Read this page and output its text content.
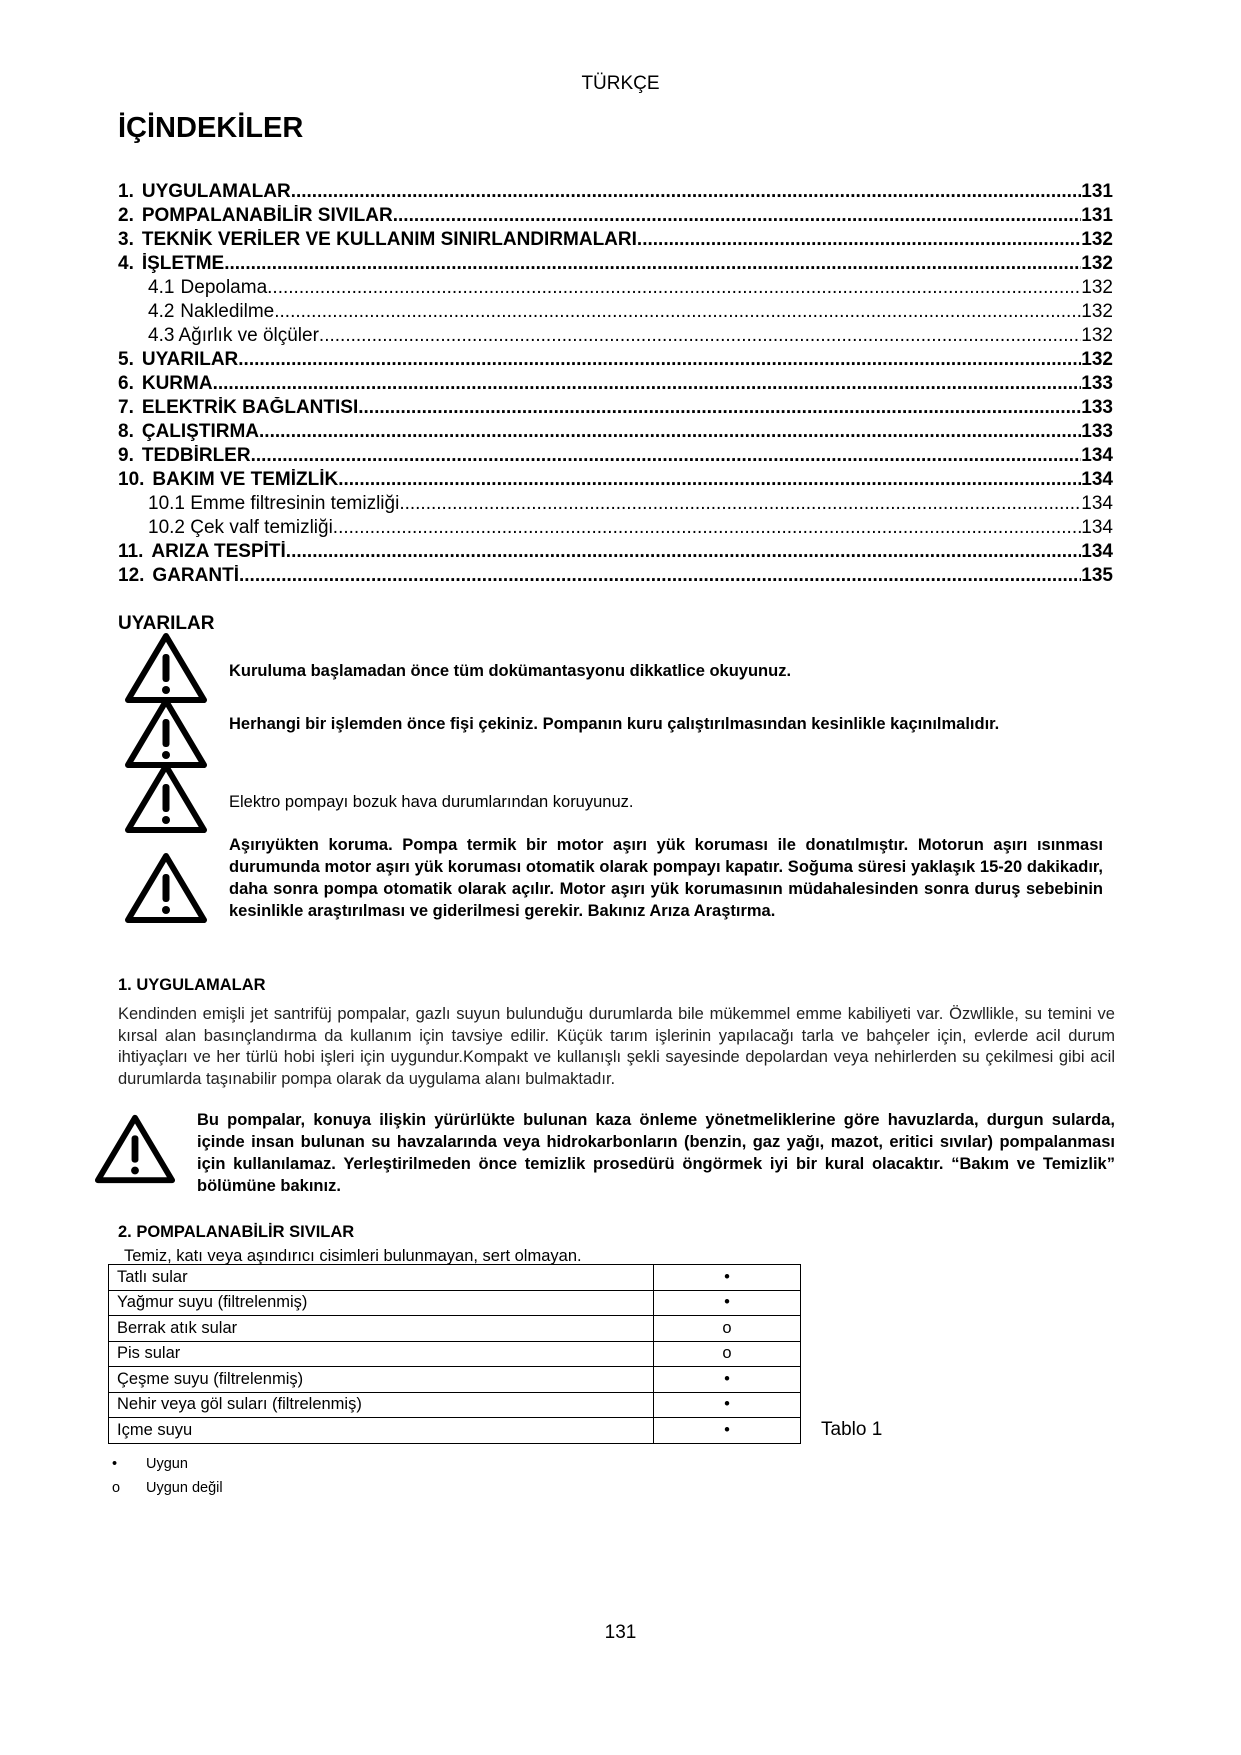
TÜRKÇE
İÇİNDEKİLER
1. UYGULAMALAR .....	131
2. POMPALANABİLİR SIVILAR .....	131
3. TEKNİK VERİLER VE KULLANIM SINIRLANDIRMALARI .....	132
4. İŞLETME .....	132
4.1 Depolama .....	132
4.2 Nakledilme .....	132
4.3 Ağırlık ve ölçüler .....	132
5. UYARILAR .....	132
6. KURMA .....	133
7. ELEKTRİK BAĞLANTISI .....	133
8. ÇALIŞTIRMA .....	133
9. TEDBİRLER .....	134
10. BAKIM VE TEMİZLİK .....	134
10.1 Emme filtresinin temizliği .....	134
10.2 Çek valf temizliği .....	134
11. ARIZA TESPİTİ .....	134
12. GARANTİ .....	135
UYARILAR
Kuruluma başlamadan önce tüm dokümantasyonu dikkatlice okuyunuz.
Herhangi bir işlemden önce fişi çekiniz. Pompanın kuru çalıştırılmasından kesinlikle kaçınılmalıdır.
Elektro pompayı bozuk hava durumlarından koruyunuz.
Aşırıyükten koruma. Pompa termik bir motor aşırı yük koruması ile donatılmıştır. Motorun aşırı ısınması durumunda motor aşırı yük koruması otomatik olarak pompayı kapatır. Soğuma süresi yaklaşık 15-20 dakikadır, daha sonra pompa otomatik olarak açılır. Motor aşırı yük korumasının müdahalesinden sonra duruş sebebinin kesinlikle araştırılması ve giderilmesi gerekir. Bakınız Arıza Araştırma.
1. UYGULAMALAR
Kendinden emişli jet santrifüj pompalar, gazlı suyun bulunduğu durumlarda bile mükemmel emme kabiliyeti var. Özwllikle, su temini ve kırsal alan basınçlandırma da kullanım için tavsiye edilir. Küçük tarım işlerinin yapılacağı tarla ve bahçeler için, evlerde acil durum ihtiyaçları ve her türlü hobi işleri için uygundur.Kompakt ve kullanışlı şekli sayesinde depolardan veya nehirlerden su çekilmesi gibi acil durumlarda taşınabilir pompa olarak da uygulama alanı bulmaktadır.
Bu pompalar, konuya ilişkin yürürlükte bulunan kaza önleme yönetmeliklerine göre havuzlarda, durgun sularda, içinde insan bulunan su havzalarında veya hidrokarbonların (benzin, gaz yağı, mazot, eritici sıvılar) pompalanması için kullanılamaz. Yerleştirilmeden önce temizlik prosedürü öngörmek iyi bir kural olacaktır. “Bakım ve Temizlik” bölümüne bakınız.
2. POMPALANABİLİR SIVILAR
Temiz, katı veya aşındırıcı cisimleri bulunmayan, sert olmayan.
Tatlı sular	•
Yağmur suyu (filtrelenmiş)	•
Berrak atık sular	o
Pis sular	o
Çeşme suyu (filtrelenmiş)	•
Nehir veya göl suları (filtrelenmiş)	•
Içme suyu	•	Tablo 1
• Uygun
o Uygun değil
131
